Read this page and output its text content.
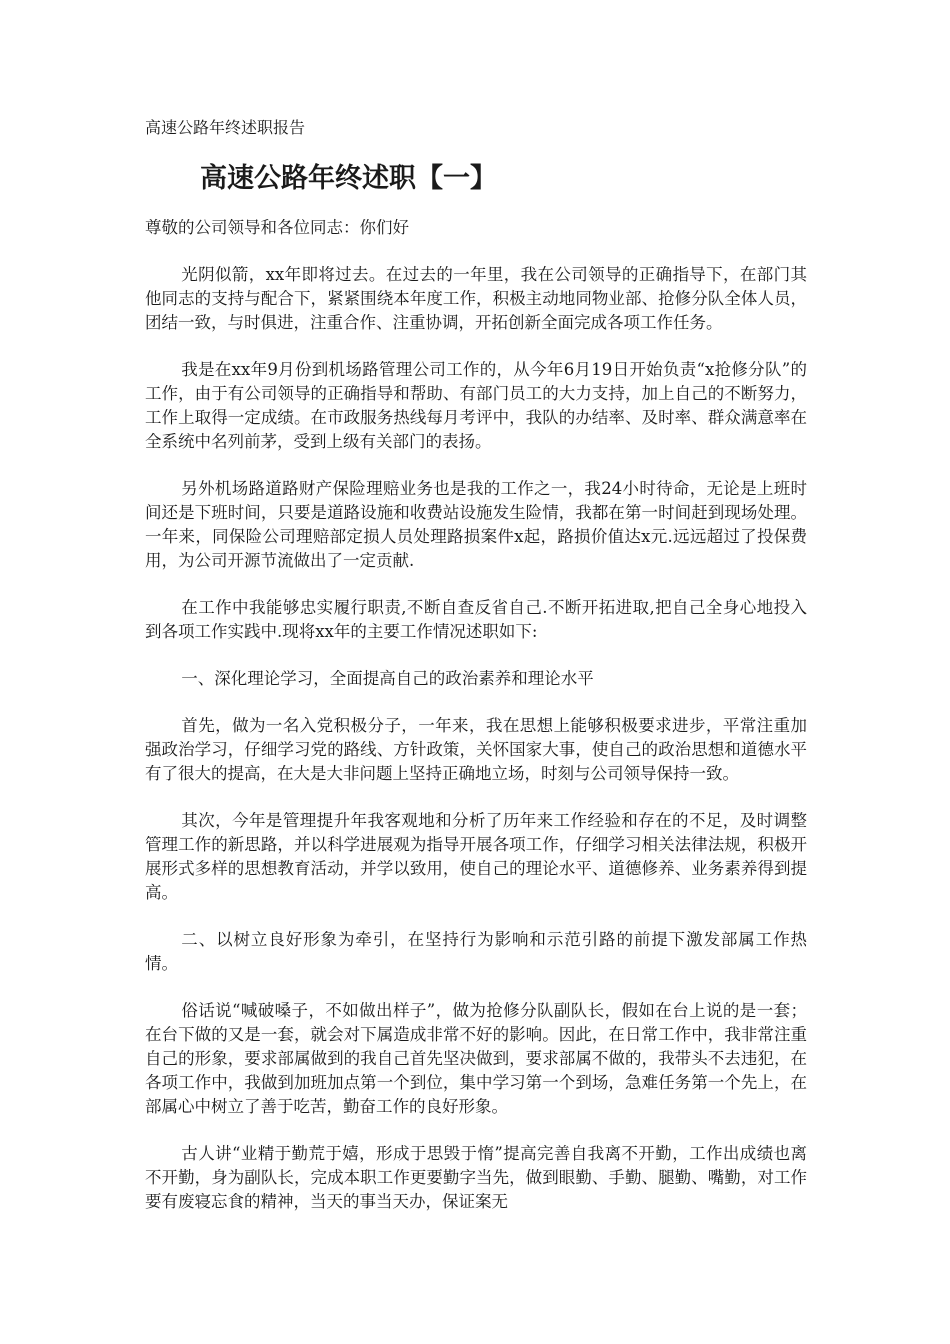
高速公路年终述职报告
高速公路年终述职【一】

尊敬的公司领导和各位同志：你们好

光阴似箭，xx年即将过去。在过去的一年里，我在公司领导的正确指导下，在部门其他同志的支持与配合下，紧紧围绕本年度工作，积极主动地同物业部、抢修分队全体人员，团结一致，与时俱进，注重合作、注重协调，开拓创新全面完成各项工作任务。

我是在xx年9月份到机场路管理公司工作的，从今年6月19日开始负责“x抢修分队”的工作，由于有公司领导的正确指导和帮助、有部门员工的大力支持，加上自己的不断努力，工作上取得一定成绩。在市政服务热线每月考评中，我队的办结率、及时率、群众满意率在全系统中名列前茅，受到上级有关部门的表扬。

另外机场路道路财产保险理赔业务也是我的工作之一，我24小时待命，无论是上班时间还是下班时间，只要是道路设施和收费站设施发生险情，我都在第一时间赶到现场处理。一年来，同保险公司理赔部定损人员处理路损案件x起，路损价值达x元.远远超过了投保费用，为公司开源节流做出了一定贡献.

在工作中我能够忠实履行职责,不断自查反省自己.不断开拓进取,把自己全身心地投入到各项工作实践中.现将xx年的主要工作情况述职如下:

一、深化理论学习，全面提高自己的政治素养和理论水平

首先，做为一名入党积极分子，一年来，我在思想上能够积极要求进步，平常注重加强政治学习，仔细学习党的路线、方针政策，关怀国家大事，使自己的政治思想和道德水平有了很大的提高，在大是大非问题上坚持正确地立场，时刻与公司领导保持一致。

其次，今年是管理提升年我客观地和分析了历年来工作经验和存在的不足，及时调整管理工作的新思路，并以科学进展观为指导开展各项工作，仔细学习相关法律法规，积极开展形式多样的思想教育活动，并学以致用，使自己的理论水平、道德修养、业务素养得到提高。

二、以树立良好形象为牵引，在坚持行为影响和示范引路的前提下激发部属工作热情。

俗话说“喊破嗓子，不如做出样子”，做为抢修分队副队长，假如在台上说的是一套；在台下做的又是一套，就会对下属造成非常不好的影响。因此，在日常工作中，我非常注重自己的形象，要求部属做到的我自己首先坚决做到，要求部属不做的，我带头不去违犯，在各项工作中，我做到加班加点第一个到位，集中学习第一个到场，急难任务第一个先上，在部属心中树立了善于吃苦，勤奋工作的良好形象。

古人讲“业精于勤荒于嬉，形成于思毁于惰”提高完善自我离不开勤，工作出成绩也离不开勤，身为副队长，完成本职工作更要勤字当先，做到眼勤、手勤、腿勤、嘴勤，对工作要有废寝忘食的精神，当天的事当天办，保证案无
